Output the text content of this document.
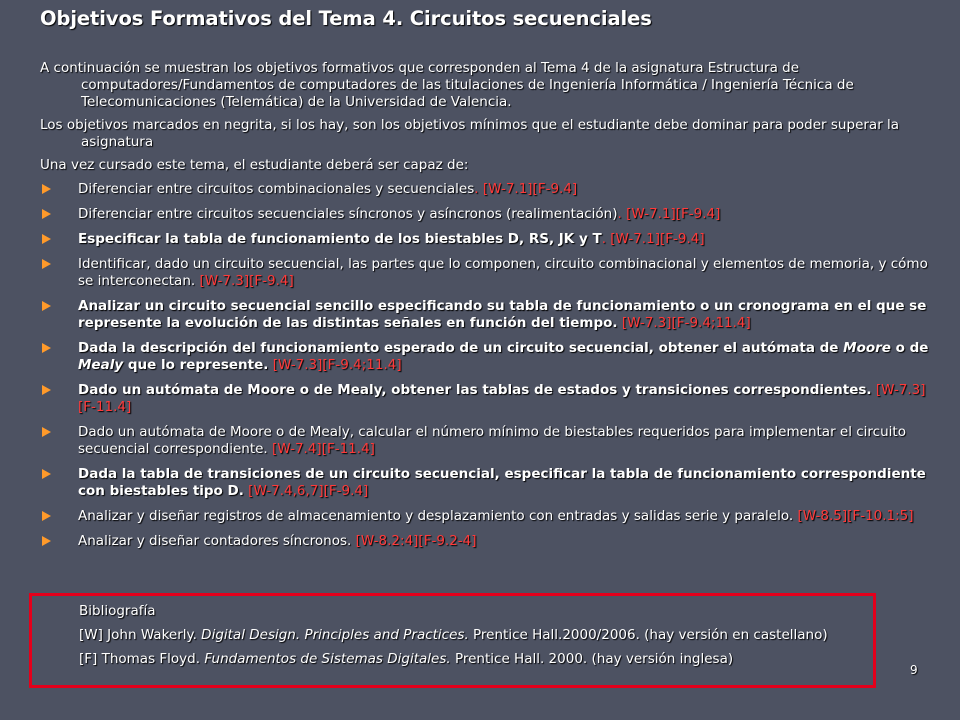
Objetivos Formativos del Tema 4. Circuitos secuenciales

A continuación se muestran los objetivos formativos que corresponden al Tema 4 de la asignatura Estructura de computadores/Fundamentos de computadores de las titulaciones de Ingeniería Informática / Ingeniería Técnica de Telecomunicaciones (Telemática) de la Universidad de Valencia.

Los objetivos marcados en negrita, si los hay, son los objetivos mínimos que el estudiante debe dominar para poder superar la asignatura

Una vez cursado este tema, el estudiante deberá ser capaz de:

Diferenciar entre circuitos combinacionales y secuenciales. [W-7.1][F-9.4]
Diferenciar entre circuitos secuenciales síncronos y asíncronos (realimentación). [W-7.1][F-9.4]
Especificar la tabla de funcionamiento de los biestables D, RS, JK y T. [W-7.1][F-9.4]
Identificar, dado un circuito secuencial, las partes que lo componen, circuito combinacional y elementos de memoria, y cómo se interconectan. [W-7.3][F-9.4]
Analizar un circuito secuencial sencillo especificando su tabla de funcionamiento o un cronograma en el que se represente la evolución de las distintas señales en función del tiempo. [W-7.3][F-9.4;11.4]
Dada la descripción del funcionamiento esperado de un circuito secuencial, obtener el autómata de Moore o de Mealy que lo represente. [W-7.3][F-9.4;11.4]
Dado un autómata de Moore o de Mealy, obtener las tablas de estados y transiciones correspondientes. [W-7.3][F-11.4]
Dado un autómata de Moore o de Mealy, calcular el número mínimo de biestables requeridos para implementar el circuito secuencial correspondiente. [W-7.4][F-11.4]
Dada la tabla de transiciones de un circuito secuencial, especificar la tabla de funcionamiento correspondiente con biestables tipo D. [W-7.4,6,7][F-9.4]
Analizar y diseñar registros de almacenamiento y desplazamiento con entradas y salidas serie y paralelo. [W-8.5][F-10.1:5]
Analizar y diseñar contadores síncronos. [W-8.2:4][F-9.2-4]
Bibliografía
[W] John Wakerly. Digital Design. Principles and Practices. Prentice Hall.2000/2006. (hay versión en castellano)
[F] Thomas Floyd. Fundamentos de Sistemas Digitales. Prentice Hall. 2000. (hay versión inglesa)
9
